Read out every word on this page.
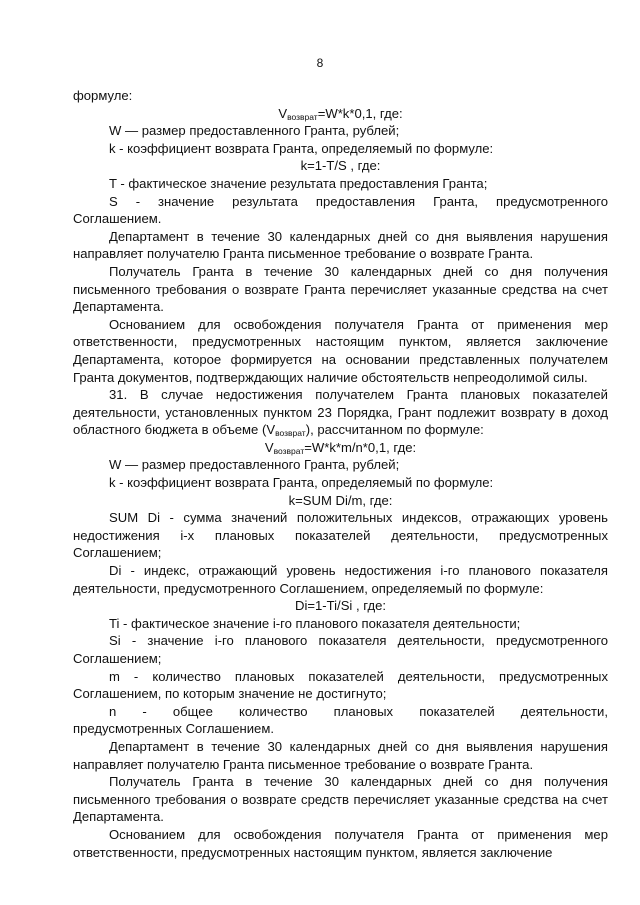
8

формуле:

$V_{возврат}=W*k*0,1$, где:

W — размер предоставленного Гранта, рублей;

k - коэффициент возврата Гранта, определяемый по формуле:

k=1-T/S , где:

T - фактическое значение результата предоставления Гранта;

S - значение результата предоставления Гранта, предусмотренного Соглашением.

Департамент в течение 30 календарных дней со дня выявления нарушения направляет получателю Гранта письменное требование о возврате Гранта.

Получатель Гранта в течение 30 календарных дней со дня получения письменного требования о возврате Гранта перечисляет указанные средства на счет Департамента.

Основанием для освобождения получателя Гранта от применения мер ответственности, предусмотренных настоящим пунктом, является заключение Департамента, которое формируется на основании представленных получателем Гранта документов, подтверждающих наличие обстоятельств непреодолимой силы.

31. В случае недостижения получателем Гранта плановых показателей деятельности, установленных пунктом 23 Порядка, Грант подлежит возврату в доход областного бюджета в объеме $(V_{возврат})$, рассчитанном по формуле:

$V_{возврат}=W*k*m/n*0,1$, где:

W — размер предоставленного Гранта, рублей;

k - коэффициент возврата Гранта, определяемый по формуле:

k=SUM Di/m, где:

SUM Di - сумма значений положительных индексов, отражающих уровень недостижения i-х плановых показателей деятельности, предусмотренных Соглашением;

Di - индекс, отражающий уровень недостижения i-го планового показателя деятельности, предусмотренного Соглашением, определяемый по формуле:

Di=1-Ti/Si , где:

Ti - фактическое значение i-го планового показателя деятельности;

Si - значение i-го планового показателя деятельности, предусмотренного Соглашением;

m - количество плановых показателей деятельности, предусмотренных Соглашением, по которым значение не достигнуто;

n - общее количество плановых показателей деятельности,

предусмотренных Соглашением.

Департамент в течение 30 календарных дней со дня выявления нарушения направляет получателю Гранта письменное требование о возврате Гранта.

Получатель Гранта в течение 30 календарных дней со дня получения письменного требования о возврате средств перечисляет указанные средства на счет Департамента.

Основанием для освобождения получателя Гранта от применения мер ответственности, предусмотренных настоящим пунктом, является заключение
